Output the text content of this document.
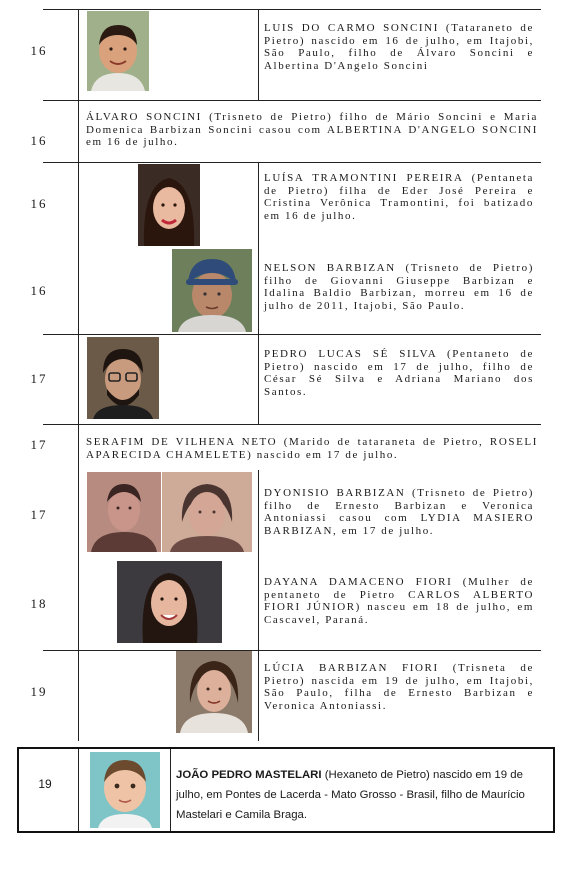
16
LUIS DO CARMO SONCINI (Tataraneto de Pietro) nascido em 16 de julho, em Itajobi, São Paulo, filho de Álvaro Soncini e Albertina D'Angelo Soncini
16
ÁLVARO SONCINI (Trisneto de Pietro) filho de Mário Soncini e Maria Domenica Barbizan Soncini casou com ALBERTINA D'ANGELO SONCINI em 16 de julho.
16
LUÍSA TRAMONTINI PEREIRA (Pentaneta de Pietro) filha de Eder José Pereira e Cristina Verônica Tramontini, foi batizado em 16 de julho.
16
NELSON BARBIZAN (Trisneto de Pietro) filho de Giovanni Giuseppe Barbizan e Idalina Baldio Barbizan, morreu em 16 de julho de 2011, Itajobi, São Paulo.
17
PEDRO LUCAS SÉ SILVA (Pentaneto de Pietro) nascido em 17 de julho, filho de César Sé Silva e Adriana Mariano dos Santos.
17	SERAFIM DE VILHENA NETO (Marido de tataraneta de Pietro, ROSELI APARECIDA CHAMELETE) nascido em 17 de julho.
17
DYONISIO BARBIZAN (Trisneto de Pietro) filho de Ernesto Barbizan e Veronica Antoniassi casou com LYDIA MASIERO BARBIZAN, em 17 de julho.
18
DAYANA DAMACENO FIORI (Mulher de pentaneto de Pietro CARLOS ALBERTO FIORI JÚNIOR) nasceu em 18 de julho, em Cascavel, Paraná.
19
LÚCIA BARBIZAN FIORI (Trisneta de Pietro) nascida em 19 de julho, em Itajobi, São Paulo, filha de Ernesto Barbizan e Veronica Antoniassi.
19
JOÃO PEDRO MASTELARI (Hexaneto de Pietro) nascido em 19 de julho, em Pontes de Lacerda - Mato Grosso - Brasil, filho de Maurício Mastelari e Camila Braga.
